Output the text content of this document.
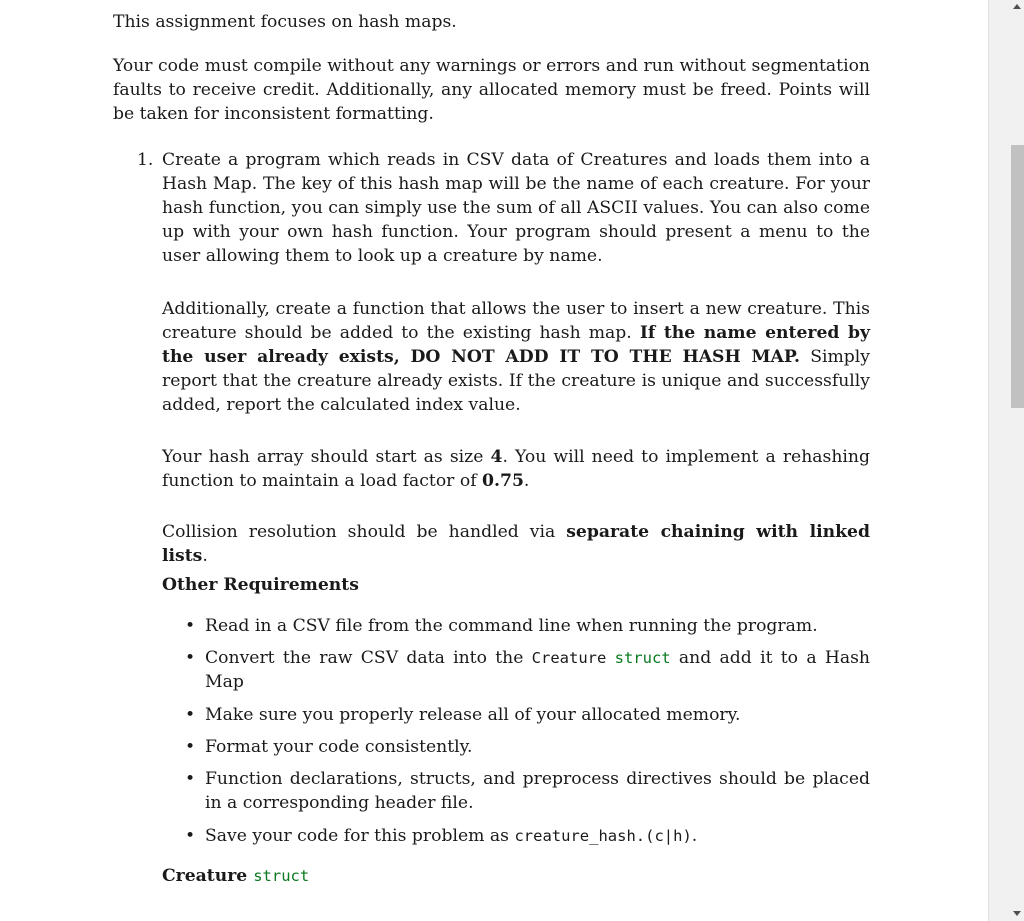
This assignment focuses on hash maps.
Your code must compile without any warnings or errors and run without segmentation faults to receive credit. Additionally, any allocated memory must be freed. Points will be taken for inconsistent formatting.
1. Create a program which reads in CSV data of Creatures and loads them into a Hash Map. The key of this hash map will be the name of each creature. For your hash function, you can simply use the sum of all ASCII values. You can also come up with your own hash function. Your program should present a menu to the user allowing them to look up a creature by name.
Additionally, create a function that allows the user to insert a new creature. This creature should be added to the existing hash map. If the name entered by the user already exists, DO NOT ADD IT TO THE HASH MAP. Simply report that the creature already exists. If the creature is unique and successfully added, report the calculated index value.
Your hash array should start as size 4. You will need to implement a rehashing function to maintain a load factor of 0.75.
Collision resolution should be handled via separate chaining with linked lists.
Other Requirements
• Read in a CSV file from the command line when running the program.
• Convert the raw CSV data into the Creature struct and add it to a Hash Map
• Make sure you properly release all of your allocated memory.
• Format your code consistently.
• Function declarations, structs, and preprocess directives should be placed in a corresponding header file.
• Save your code for this problem as creature_hash.(c|h).
Creature struct
